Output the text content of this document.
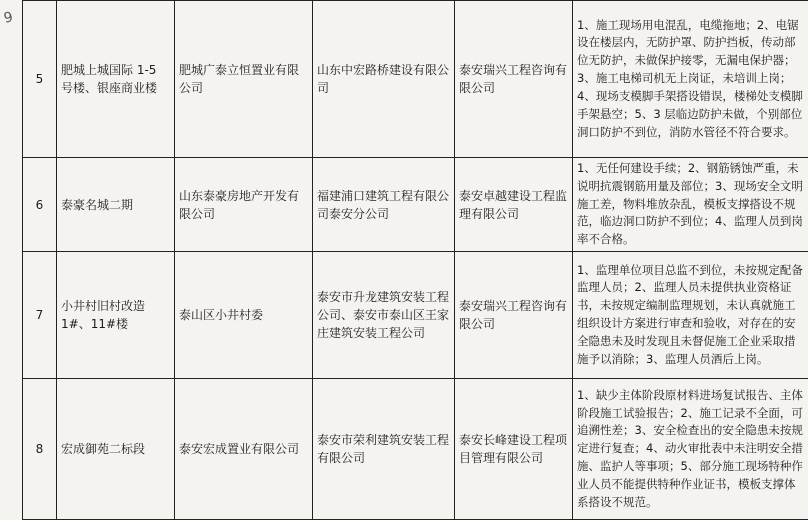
9
5	肥城上城国际 1-5 号楼、银座商业楼	肥城广泰立恒置业有限公司	山东中宏路桥建设有限公司	泰安瑞兴工程咨询有限公司	1、施工现场用电混乱，电缆拖地；2、电锯设在楼层内，无防护罩、防护挡板，传动部位无防护，未做保护接零，无漏电保护器；3、施工电梯司机无上岗证，未培训上岗；4、现场支模脚手架搭设错误，楼梯处支模脚手架悬空；5、3 层临边防护未做，个别部位洞口防护不到位，消防水管径不符合要求。
6	泰豪名城二期	山东泰豪房地产开发有限公司	福建浦口建筑工程有限公司泰安分公司	泰安卓越建设工程监理有限公司	1、无任何建设手续；2、钢筋锈蚀严重，未说明抗震钢筋用量及部位；3、现场安全文明施工差，物料堆放杂乱，模板支撑搭设不规范，临边洞口防护不到位；4、监理人员到岗率不合格。
7	小井村旧村改造 1#、11#楼	泰山区小井村委	泰安市升龙建筑安装工程公司、泰安市泰山区王家庄建筑安装工程公司	泰安瑞兴工程咨询有限公司	1、监理单位项目总监不到位，未按规定配备监理人员；2、监理人员未提供执业资格证书，未按规定编制监理规划，未认真就施工组织设计方案进行审查和验收，对存在的安全隐患未及时发现且未督促施工企业采取措施予以消除；3、监理人员酒后上岗。
8	宏成御苑二标段	泰安宏成置业有限公司	泰安市荣利建筑安装工程有限公司	泰安长峰建设工程项目管理有限公司	1、缺少主体阶段原材料进场复试报告、主体阶段施工试验报告；2、施工记录不全面，可追溯性差；3、安全检查出的安全隐患未按规定进行复查；4、动火审批表中未注明安全措施、监护人等事项；5、部分施工现场特种作业人员不能提供特种作业证书，模板支撑体系搭设不规范。
